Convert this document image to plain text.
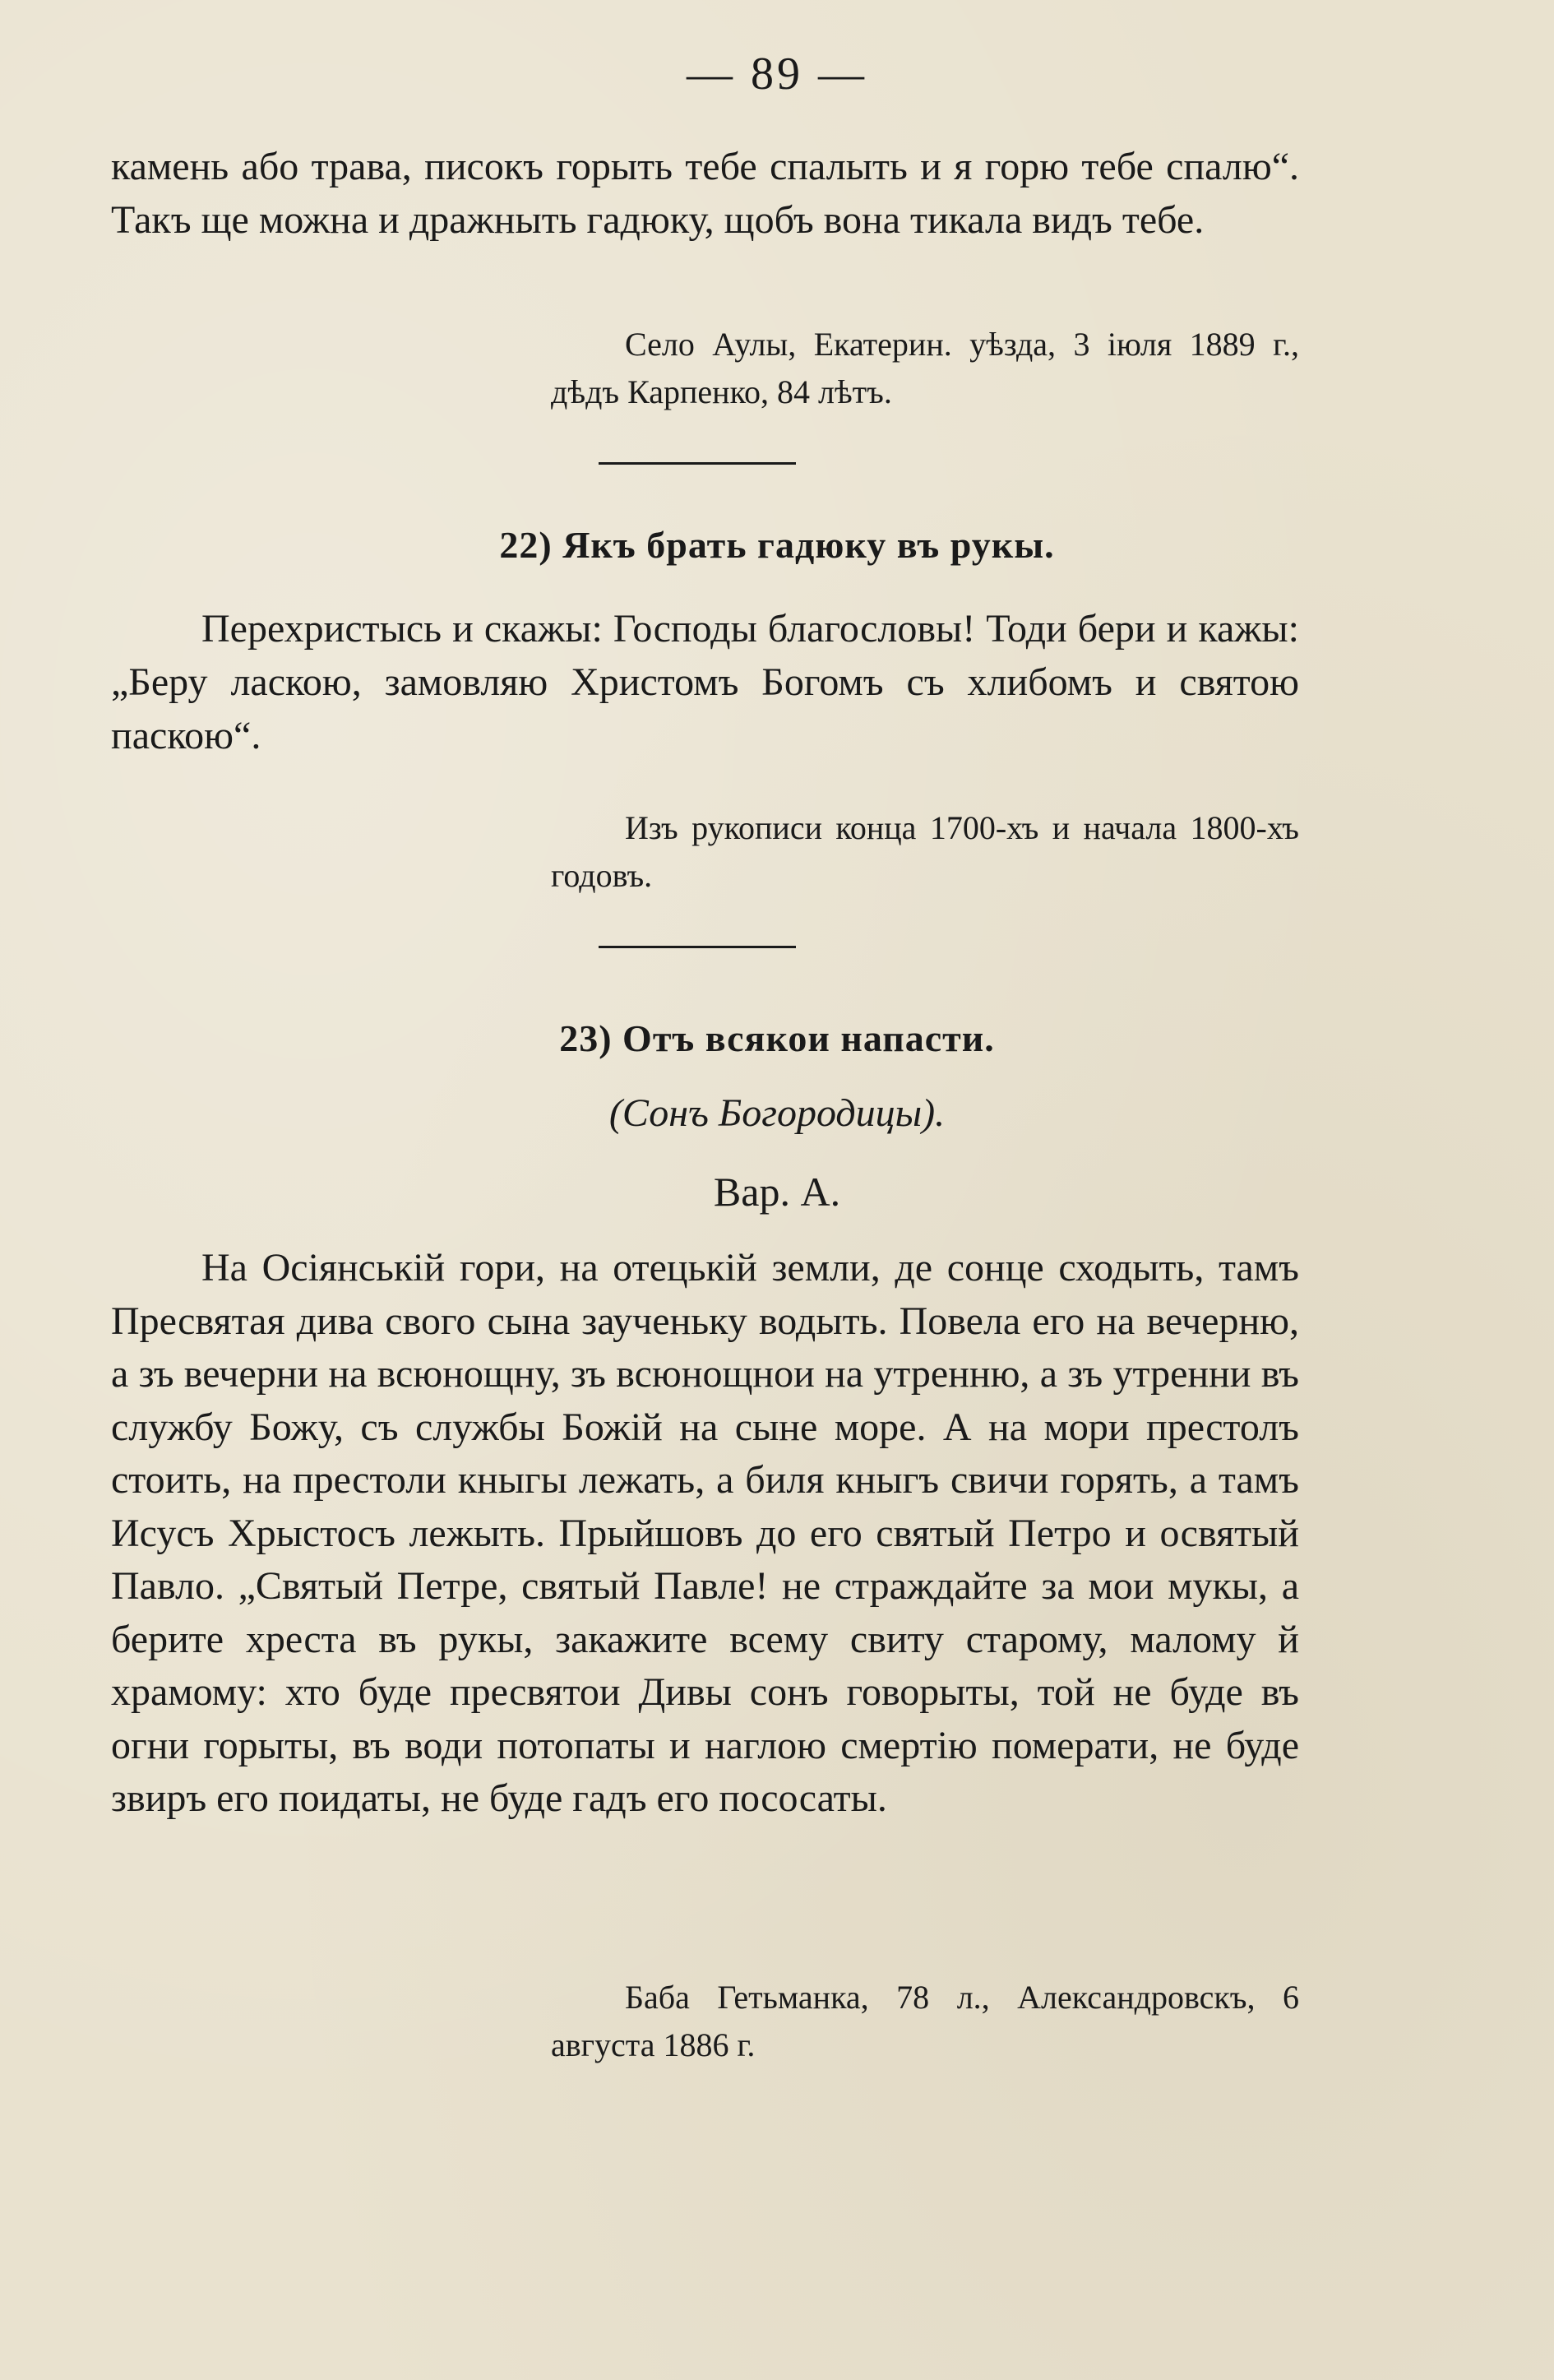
— 89 —

камень або трава, писокъ горыть тебе спалыть и я горю тебе спалю“. Такъ ще можна и дражныть гадюку, щобъ вона тикала видъ тебе.

Село Аулы, Екатерин. уѣзда, 3 іюля 1889 г., дѣдъ Карпенко, 84 лѣтъ.

22) Якъ брать гадюку въ рукы.

Перехристысь и скажы: Господы благословы! Тоди бери и кажы: „Беру ласкою, замовляю Христомъ Богомъ съ хлибомъ и святою паскою“.

Изъ рукописи конца 1700-хъ и начала 1800-хъ годовъ.

23) Отъ всякои напасти.
(Сонъ Богородицы).
Вар. А.

На Осіянській гори, на отецькій земли, де сонце сходыть, тамъ Пресвятая дива свого сына заученьку водыть. Повела его на вечерню, а зъ вечерни на всюнощну, зъ всюнощнои на утренню, а зъ утренни въ службу Божу, съ службы Божій на сыне море. А на мори престолъ стоить, на престоли кныгы лежать, а биля кныгъ свичи горять, а тамъ Исусъ Хрыстосъ лежыть. Прыйшовъ до его святый Петро и освятый Павло. „Святый Петре, святый Павле! не страждайте за мои мукы, а берите хреста въ рукы, закажите всему свиту старому, малому й храмому: хто буде пресвятои Дивы сонъ говорыты, той не буде въ огни горыты, въ води потопаты и наглою смертію померати, не буде звиръ его поидаты, не буде гадъ его пососаты.

Баба Гетьманка, 78 л., Александровскъ, 6 августа 1886 г.
